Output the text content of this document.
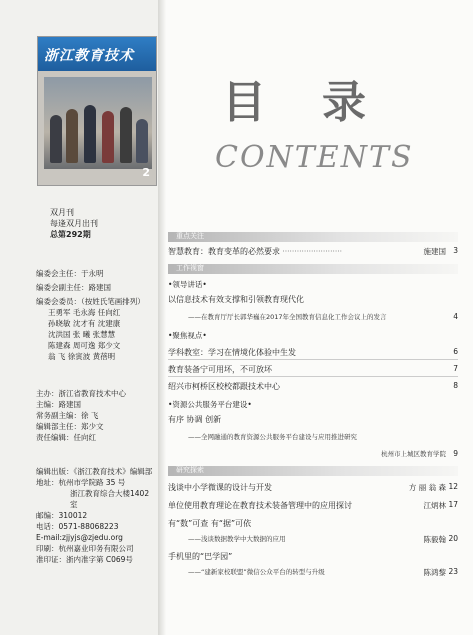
浙江教育技术
2
双月刊
每逢双月出刊
总第292期
编委会主任：于永明
编委会副主任：路建国
编委会委员：（按姓氏笔画排列）
王勇军 毛永海 任向红
孙晓敏 沈才有 沈建康
沈洪国 张 曦 张慧慧
陈建森 周可逸 郑少文
翁 飞 徐寅波 黄蓓明
主办：浙江省教育技术中心
主编：路建国
常务副主编：徐 飞
编辑部主任：郑少文
责任编辑：任向红
编辑出版：《浙江教育技术》编辑部
地址：杭州市学院路 35 号
浙江教育综合大楼1402 室
邮编：310012
电话：0571-88068223
E-mail:zjjyjs@zjedu.org
印刷：杭州嘉业印务有限公司
准印证：浙内准字第 C069号
目录
CONTENTS
重点关注
智慧教育：教育变革的必然要求 ·························	施建国 3
工作视窗
•领导讲话•
以信息技术有效支撑和引领教育现代化
——在教育厅厅长郭华巍在2017年全国教育信息化工作会议上的发言	4
•聚焦视点•
学科教室：学习在情境化体验中生发	6
教育装备宁可用坏，不可放坏	7
绍兴市柯桥区校校都跟技术中心	8
•资源公共服务平台建设•
有序 协调 创新
——全网融通的教育资源公共服务平台建设与应用推进研究
杭州市上城区教育学院 9
研究探索
浅谈中小学微课的设计与开发	方 丽 翁 森 12
单位使用教育理论在教育技术装备管理中的应用探讨	江炳林 17
有“数”可查 有“据”可依
——浅谈数据教学中大数据的应用	陈毅翰 20
手机里的“巴学园”
——“建新家校联盟”微信公众平台的转型与升级	陈鸿黎 23
